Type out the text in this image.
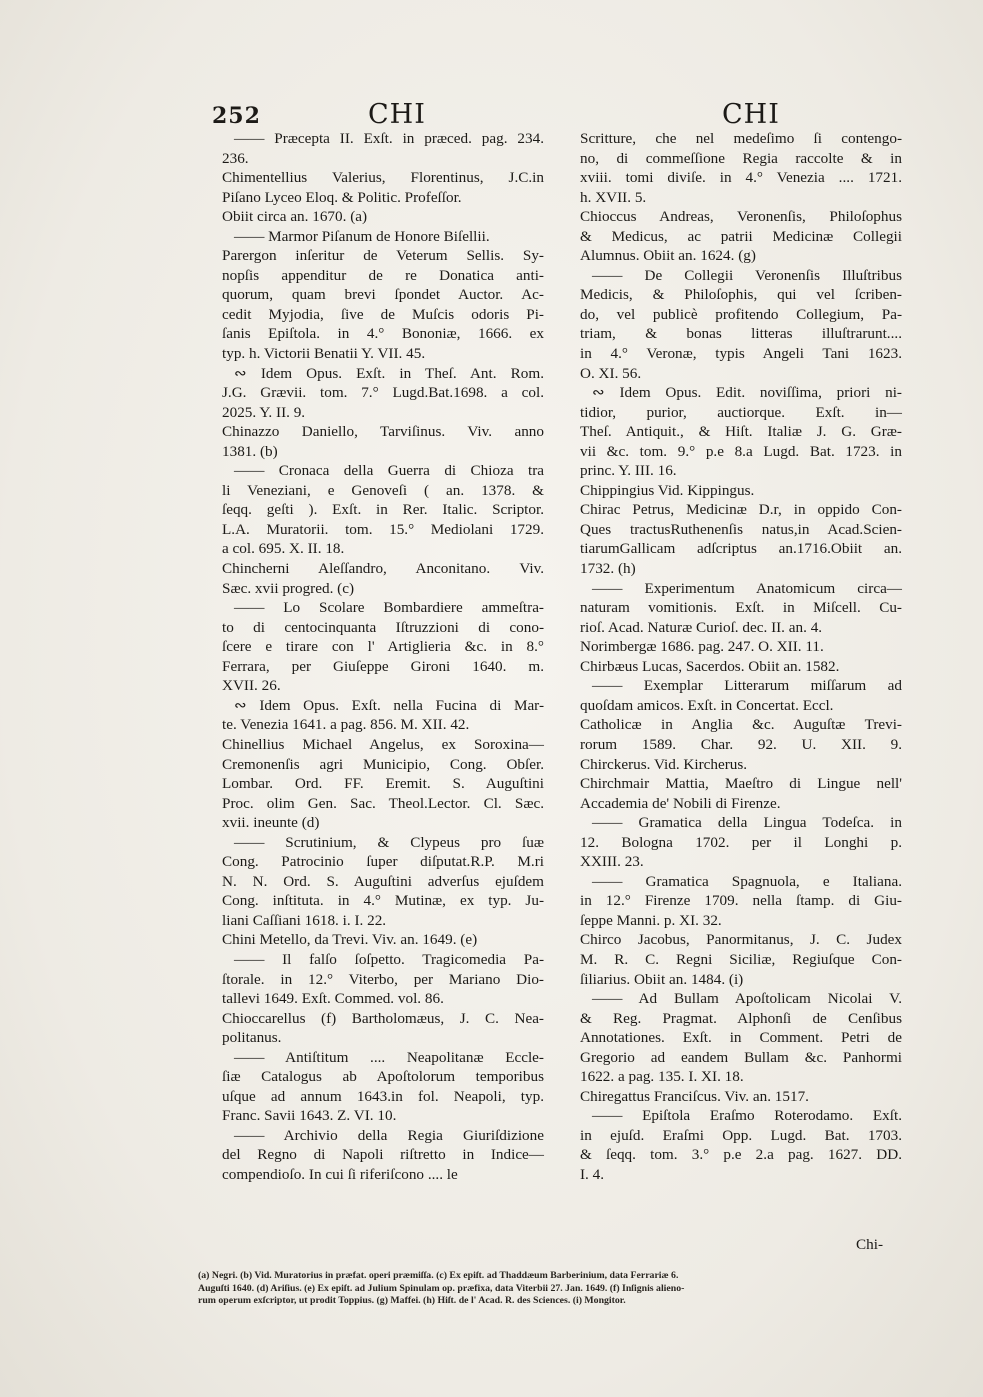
252	CHI	CHI
—— Præcepta II. Exſt. in præced. pag. 234.
236.
Chimentellius Valerius, Florentinus, J.C.in
Piſano Lyceo Eloq. & Politic. Profeſſor.
Obiit circa an. 1670. (a)
—— Marmor Piſanum de Honore Biſellii.
Parergon inſeritur de Veterum Sellis. Sy-
nopſis appenditur de re Donatica anti-
quorum, quam brevi ſpondet Auctor. Ac-
cedit Myjodia, ſive de Muſcis odoris Pi-
ſanis Epiſtola. in 4.° Bononiæ, 1666. ex
typ. h. Victorii Benatii Y. VII. 45.
∾ Idem Opus. Exſt. in Theſ. Ant. Rom.
J.G. Grævii. tom. 7.° Lugd.Bat.1698. a col.
2025. Y. II. 9.
Chinazzo Daniello, Tarviſinus. Viv. anno
1381. (b)
—— Cronaca della Guerra di Chioza tra
li Veneziani, e Genoveſi ( an. 1378. &
ſeqq. geſti ). Exſt. in Rer. Italic. Scriptor.
L.A. Muratorii. tom. 15.° Mediolani 1729.
a col. 695. X. II. 18.
Chincherni Aleſſandro, Anconitano. Viv.
Sæc. xvii progred. (c)
—— Lo Scolare Bombardiere ammeſtra-
to di centocinquanta Iſtruzzioni di cono-
ſcere e tirare con l' Artiglieria &c. in 8.°
Ferrara, per Giuſeppe Gironi 1640. m.
XVII. 26.
∾ Idem Opus. Exſt. nella Fucina di Mar-
te. Venezia 1641. a pag. 856. M. XII. 42.
Chinellius Michael Angelus, ex Soroxina—
Cremonenſis agri Municipio, Cong. Obſer.
Lombar. Ord. FF. Eremit. S. Auguſtini
Proc. olim Gen. Sac. Theol.Lector. Cl. Sæc.
xvii. ineunte (d)
—— Scrutinium, & Clypeus pro ſuæ
Cong. Patrocinio ſuper diſputat.R.P. M.ri
N. N. Ord. S. Auguſtini adverſus ejuſdem
Cong. inſtituta. in 4.° Mutinæ, ex typ. Ju-
liani Caſſiani 1618. i. I. 22.
Chini Metello, da Trevi. Viv. an. 1649. (e)
—— Il falſo ſoſpetto. Tragicomedia Pa-
ſtorale. in 12.° Viterbo, per Mariano Dio-
tallevi 1649. Exſt. Commed. vol. 86.
Chioccarellus (f) Bartholomæus, J. C. Nea-
politanus.
—— Antiſtitum .... Neapolitanæ Eccle-
ſiæ Catalogus ab Apoſtolorum temporibus
uſque ad annum 1643.in fol. Neapoli, typ.
Franc. Savii 1643. Z. VI. 10.
—— Archivio della Regia Giuriſdizione
del Regno di Napoli riſtretto in Indice—
compendioſo. In cui ſi riferiſcono .... le
Scritture, che nel medeſimo ſi contengo-
no, di commeſſione Regia raccolte & in
xviii. tomi diviſe. in 4.° Venezia .... 1721.
h. XVII. 5.
Chioccus Andreas, Veronenſis, Philoſophus
& Medicus, ac patrii Medicinæ Collegii
Alumnus. Obiit an. 1624. (g)
—— De Collegii Veronenſis Illuſtribus
Medicis, & Philoſophis, qui vel ſcriben-
do, vel publicè profitendo Collegium, Pa-
triam, & bonas litteras illuſtrarunt....
in 4.° Veronæ, typis Angeli Tani 1623.
O. XI. 56.
∾ Idem Opus. Edit. noviſſima, priori ni-
tidior, purior, auctiorque. Exſt. in—
Theſ. Antiquit., & Hiſt. Italiæ J. G. Græ-
vii &c. tom. 9.° p.e 8.a Lugd. Bat. 1723. in
princ. Y. III. 16.
Chippingius Vid. Kippingus.
Chirac Petrus, Medicinæ D.r, in oppido Con-
Ques tractusRuthenenſis natus,in Acad.Scien-
tiarumGallicam adſcriptus an.1716.Obiit an.
1732. (h)
—— Experimentum Anatomicum circa—
naturam vomitionis. Exſt. in Miſcell. Cu-
rioſ. Acad. Naturæ Curioſ. dec. II. an. 4.
Norimbergæ 1686. pag. 247. O. XII. 11.
Chirbæus Lucas, Sacerdos. Obiit an. 1582.
—— Exemplar Litterarum miſſarum ad
quoſdam amicos. Exſt. in Concertat. Eccl.
Catholicæ in Anglia &c. Auguſtæ Trevi-
rorum 1589. Char. 92. U. XII. 9.
Chirckerus. Vid. Kircherus.
Chirchmair Mattia, Maeſtro di Lingue nell'
Accademia de' Nobili di Firenze.
—— Gramatica della Lingua Todeſca. in
12. Bologna 1702. per il Longhi p.
XXIII. 23.
—— Gramatica Spagnuola, e Italiana.
in 12.° Firenze 1709. nella ſtamp. di Giu-
ſeppe Manni. p. XI. 32.
Chirco Jacobus, Panormitanus, J. C. Judex
M. R. C. Regni Siciliæ, Regiuſque Con-
ſiliarius. Obiit an. 1484. (i)
—— Ad Bullam Apoſtolicam Nicolai V.
& Reg. Pragmat. Alphonſi de Cenſibus
Annotationes. Exſt. in Comment. Petri de
Gregorio ad eandem Bullam &c. Panhormi
1622. a pag. 135. I. XI. 18.
Chiregattus Franciſcus. Viv. an. 1517.
—— Epiſtola Eraſmo Roterodamo. Exſt.
in ejuſd. Eraſmi Opp. Lugd. Bat. 1703.
& ſeqq. tom. 3.° p.e 2.a pag. 1627. DD.
I. 4.
Chi-
(a) Negri. (b) Vid. Muratorius in præfat. operi præmiſſa. (c) Ex epiſt. ad Thaddæum Barberinium, data Ferrariæ 6.
Auguſti 1640. (d) Ariſius. (e) Ex epiſt. ad Julium Spinulam op. præfixa, data Viterbii 27. Jan. 1649. (f) Inſignis alieno-
rum operum exſcriptor, ut prodit Toppius. (g) Maffei. (h) Hiſt. de l' Acad. R. des Sciences. (i) Mongitor.
